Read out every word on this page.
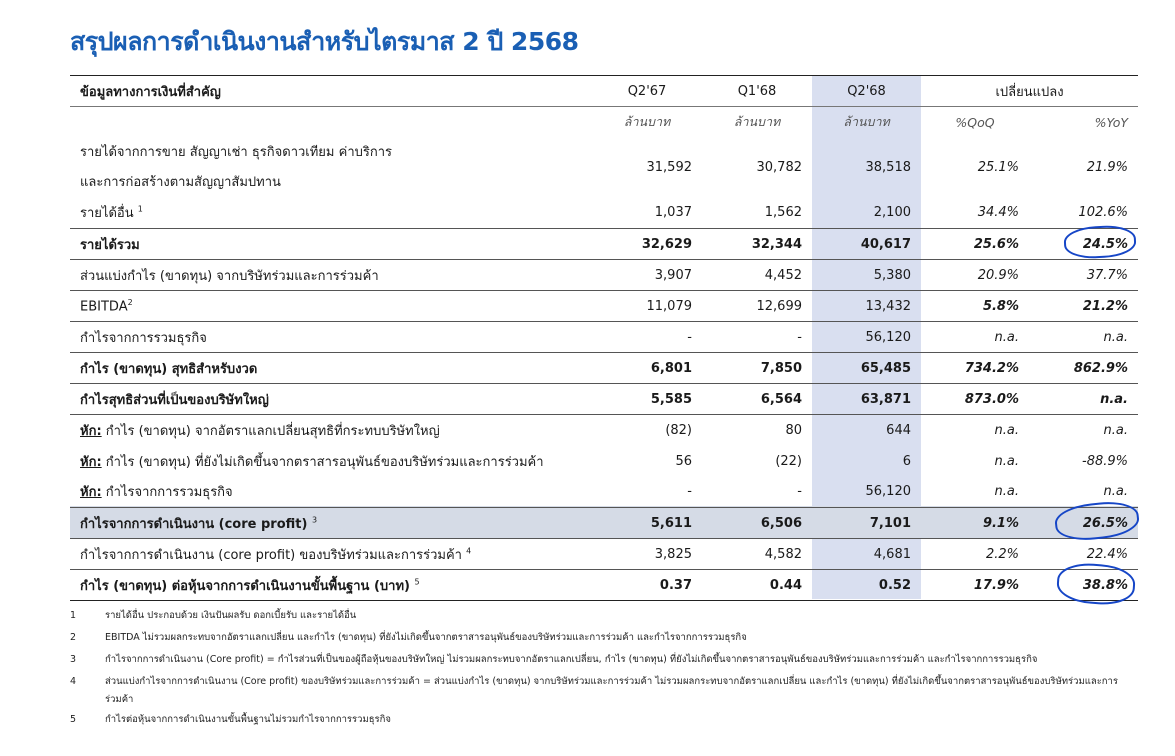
สรุปผลการดำเนินงานสำหรับไตรมาส 2 ปี 2568
ข้อมูลทางการเงินที่สำคัญ	Q2'67	Q1'68	Q2'68	เปลี่ยนแปลง	
	ล้านบาท	ล้านบาท	ล้านบาท	%QoQ	%YoY
รายได้จากการขาย สัญญาเช่า ธุรกิจดาวเทียม ค่าบริการ
และการก่อสร้างตามสัญญาสัมปทาน	31,592	30,782	38,518	25.1%	21.9%
รายได้อื่น $^1$	1,037	1,562	2,100	34.4%	102.6%
รายได้รวม	32,629	32,344	40,617	25.6%	24.5%
ส่วนแบ่งกำไร (ขาดทุน) จากบริษัทร่วมและการร่วมค้า	3,907	4,452	5,380	20.9%	37.7%
EBITDA$^2$	11,079	12,699	13,432	5.8%	21.2%
กำไรจากการรวมธุรกิจ	-	-	56,120	n.a.	n.a.
กำไร (ขาดทุน) สุทธิสำหรับงวด	6,801	7,850	65,485	734.2%	862.9%
กำไรสุทธิส่วนที่เป็นของบริษัทใหญ่	5,585	6,564	63,871	873.0%	n.a.
หัก: กำไร (ขาดทุน) จากอัตราแลกเปลี่ยนสุทธิที่กระทบบริษัทใหญ่	(82)	80	644	n.a.	n.a.
หัก: กำไร (ขาดทุน) ที่ยังไม่เกิดขึ้นจากตราสารอนุพันธ์ของบริษัทร่วมและการร่วมค้า	56	(22)	6	n.a.	-88.9%
หัก: กำไรจากการรวมธุรกิจ	-	-	56,120	n.a.	n.a.
กำไรจากการดำเนินงาน (core profit) $^3$	5,611	6,506	7,101	9.1%	26.5%
กำไรจากการดำเนินงาน (core profit) ของบริษัทร่วมและการร่วมค้า $^4$	3,825	4,582	4,681	2.2%	22.4%
กำไร (ขาดทุน) ต่อหุ้นจากการดำเนินงานขั้นพื้นฐาน (บาท) $^5$	0.37	0.44	0.52	17.9%	38.8%
1	รายได้อื่น ประกอบด้วย เงินปันผลรับ ดอกเบี้ยรับ และรายได้อื่น
2	EBITDA ไม่รวมผลกระทบจากอัตราแลกเปลี่ยน และกำไร (ขาดทุน) ที่ยังไม่เกิดขึ้นจากตราสารอนุพันธ์ของบริษัทร่วมและการร่วมค้า และกำไรจากการรวมธุรกิจ
3	กำไรจากการดำเนินงาน (Core profit) = กำไรส่วนที่เป็นของผู้ถือหุ้นของบริษัทใหญ่ ไม่รวมผลกระทบจากอัตราแลกเปลี่ยน, กำไร (ขาดทุน) ที่ยังไม่เกิดขึ้นจากตราสารอนุพันธ์ของบริษัทร่วมและการร่วมค้า และกำไรจากการรวมธุรกิจ
4	ส่วนแบ่งกำไรจากการดำเนินงาน (Core profit) ของบริษัทร่วมและการร่วมค้า = ส่วนแบ่งกำไร (ขาดทุน) จากบริษัทร่วมและการร่วมค้า ไม่รวมผลกระทบจากอัตราแลกเปลี่ยน และกำไร (ขาดทุน) ที่ยังไม่เกิดขึ้นจากตราสารอนุพันธ์ของบริษัทร่วมและการร่วมค้า
5	กำไรต่อหุ้นจากการดำเนินงานขั้นพื้นฐานไม่รวมกำไรจากการรวมธุรกิจ
